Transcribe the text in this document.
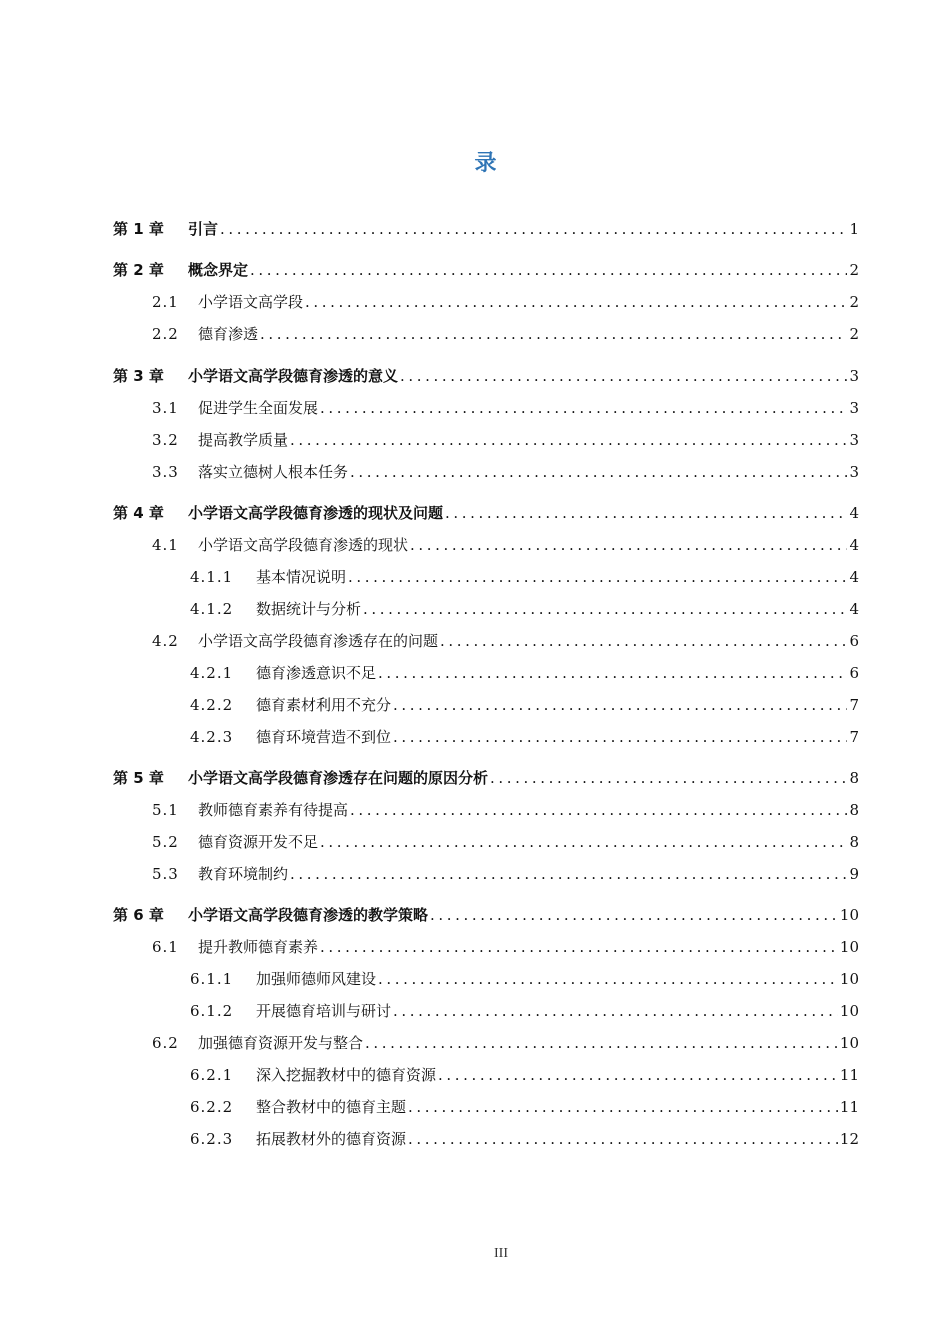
录
第 1 章	引言 .....	1
第 2 章	概念界定 .....	2
2.1	小学语文高学段 .....	2
2.2	德育渗透 .....	2
第 3 章	小学语文高学段德育渗透的意义 .....	3
3.1	促进学生全面发展 .....	3
3.2	提高教学质量 .....	3
3.3	落实立德树人根本任务 .....	3
第 4 章	小学语文高学段德育渗透的现状及问题 .....	4
4.1	小学语文高学段德育渗透的现状 .....	4
4.1.1	基本情况说明 .....	4
4.1.2	数据统计与分析 .....	4
4.2	小学语文高学段德育渗透存在的问题 .....	6
4.2.1	德育渗透意识不足 .....	6
4.2.2	德育素材利用不充分 .....	7
4.2.3	德育环境营造不到位 .....	7
第 5 章	小学语文高学段德育渗透存在问题的原因分析 .....	8
5.1	教师德育素养有待提高 .....	8
5.2	德育资源开发不足 .....	8
5.3	教育环境制约 .....	9
第 6 章	小学语文高学段德育渗透的教学策略 .....	10
6.1	提升教师德育素养 .....	10
6.1.1	加强师德师风建设 .....	10
6.1.2	开展德育培训与研讨 .....	10
6.2	加强德育资源开发与整合 .....	10
6.2.1	深入挖掘教材中的德育资源 .....	11
6.2.2	整合教材中的德育主题 .....	11
6.2.3	拓展教材外的德育资源 .....	12
III
